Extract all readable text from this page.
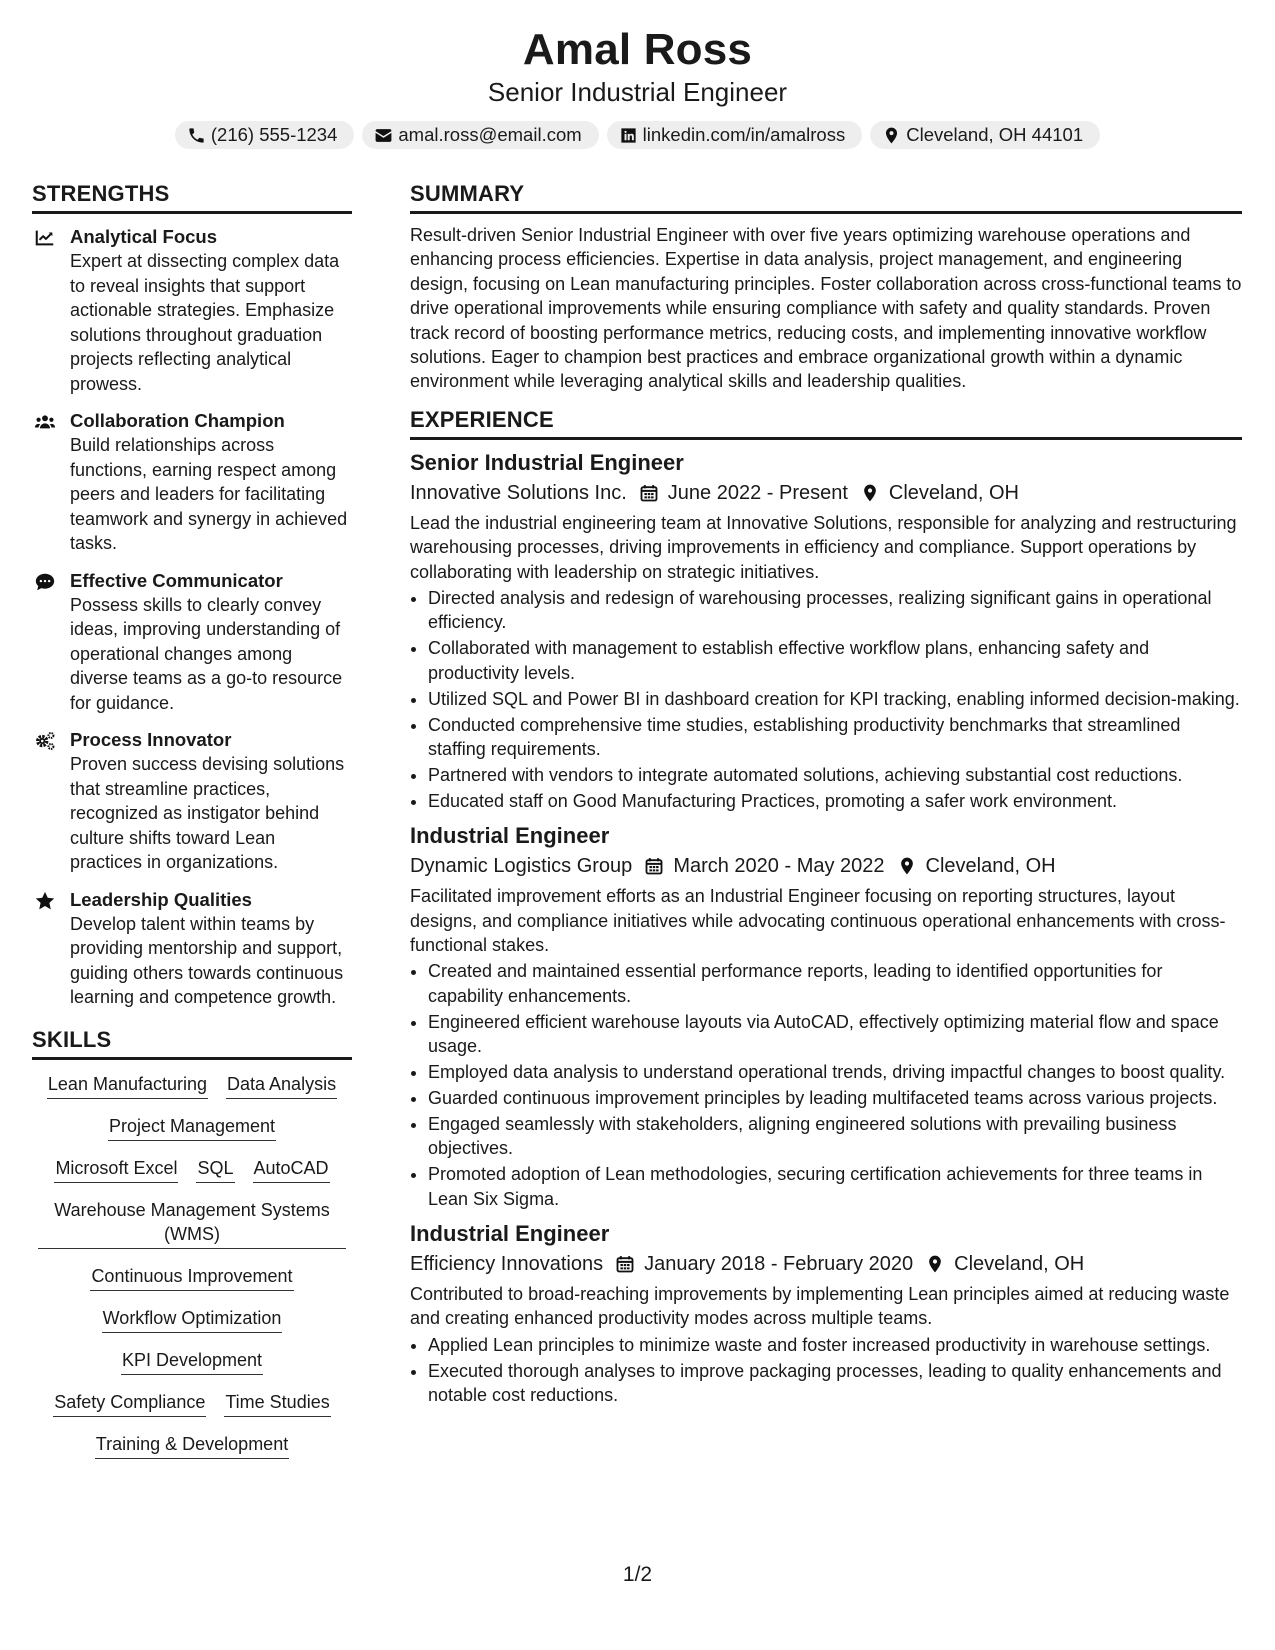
Amal Ross
Senior Industrial Engineer
(216) 555-1234	amal.ross@email.com	linkedin.com/in/amalross	Cleveland, OH 44101
STRENGTHS
Analytical Focus
Expert at dissecting complex data to reveal insights that support actionable strategies. Emphasize solutions throughout graduation projects reflecting analytical prowess.
Collaboration Champion
Build relationships across functions, earning respect among peers and leaders for facilitating teamwork and synergy in achieved tasks.
Effective Communicator
Possess skills to clearly convey ideas, improving understanding of operational changes among diverse teams as a go-to resource for guidance.
Process Innovator
Proven success devising solutions that streamline practices, recognized as instigator behind culture shifts toward Lean practices in organizations.
Leadership Qualities
Develop talent within teams by providing mentorship and support, guiding others towards continuous learning and competence growth.
SKILLS
Lean Manufacturing Data Analysis
Project Management
Microsoft Excel SQL AutoCAD
Warehouse Management Systems (WMS)
Continuous Improvement
Workflow Optimization
KPI Development
Safety Compliance Time Studies
Training & Development
SUMMARY
Result-driven Senior Industrial Engineer with over five years optimizing warehouse operations and enhancing process efficiencies. Expertise in data analysis, project management, and engineering design, focusing on Lean manufacturing principles. Foster collaboration across cross-functional teams to drive operational improvements while ensuring compliance with safety and quality standards. Proven track record of boosting performance metrics, reducing costs, and implementing innovative workflow solutions. Eager to champion best practices and embrace organizational growth within a dynamic environment while leveraging analytical skills and leadership qualities.
EXPERIENCE
Senior Industrial Engineer
Innovative Solutions Inc. June 2022 - Present Cleveland, OH
Lead the industrial engineering team at Innovative Solutions, responsible for analyzing and restructuring warehousing processes, driving improvements in efficiency and compliance. Support operations by collaborating with leadership on strategic initiatives.
• Directed analysis and redesign of warehousing processes, realizing significant gains in operational efficiency.
• Collaborated with management to establish effective workflow plans, enhancing safety and productivity levels.
• Utilized SQL and Power BI in dashboard creation for KPI tracking, enabling informed decision-making.
• Conducted comprehensive time studies, establishing productivity benchmarks that streamlined staffing requirements.
• Partnered with vendors to integrate automated solutions, achieving substantial cost reductions.
• Educated staff on Good Manufacturing Practices, promoting a safer work environment.
Industrial Engineer
Dynamic Logistics Group March 2020 - May 2022 Cleveland, OH
Facilitated improvement efforts as an Industrial Engineer focusing on reporting structures, layout designs, and compliance initiatives while advocating continuous operational enhancements with cross-functional stakes.
• Created and maintained essential performance reports, leading to identified opportunities for capability enhancements.
• Engineered efficient warehouse layouts via AutoCAD, effectively optimizing material flow and space usage.
• Employed data analysis to understand operational trends, driving impactful changes to boost quality.
• Guarded continuous improvement principles by leading multifaceted teams across various projects.
• Engaged seamlessly with stakeholders, aligning engineered solutions with prevailing business objectives.
• Promoted adoption of Lean methodologies, securing certification achievements for three teams in Lean Six Sigma.
Industrial Engineer
Efficiency Innovations January 2018 - February 2020 Cleveland, OH
Contributed to broad-reaching improvements by implementing Lean principles aimed at reducing waste and creating enhanced productivity modes across multiple teams.
• Applied Lean principles to minimize waste and foster increased productivity in warehouse settings.
• Executed thorough analyses to improve packaging processes, leading to quality enhancements and notable cost reductions.
1/2
